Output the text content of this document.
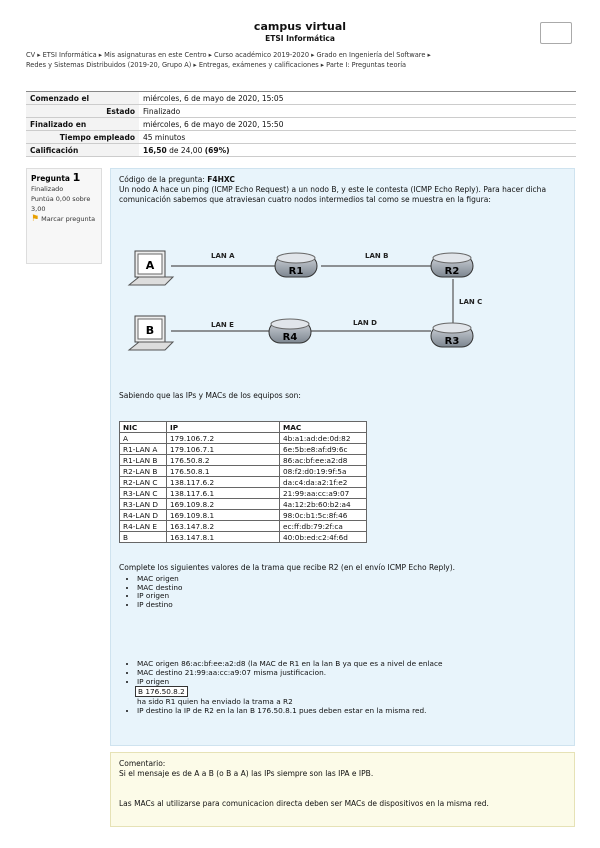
campus virtual
ETSI Informática
CV ▸ ETSI Informática ▸ Mis asignaturas en este Centro ▸ Curso académico 2019-2020 ▸ Grado en Ingeniería del Software ▸
Redes y Sistemas Distribuidos (2019-20, Grupo A) ▸ Entregas, exámenes y calificaciones ▸ Parte I: Preguntas teoría
Comenzado el	miércoles, 6 de mayo de 2020, 15:05
Estado	Finalizado
Finalizado en	miércoles, 6 de mayo de 2020, 15:50
Tiempo empleado	45 minutos
Calificación	16,50 de 24,00 (69%)
Pregunta 1
Finalizado
Puntúa 0,00 sobre 3,00
⚑ Marcar pregunta
Código de la pregunta: F4HXC
Un nodo A hace un ping (ICMP Echo Request) a un nodo B, y este le contesta (ICMP Echo Reply). Para hacer dicha comunicación sabemos que atraviesan cuatro nodos intermedios tal como se muestra en la figura:
A
B
R1	R2
R3
R4
LAN A	LAN B
LAN C
LAN D
LAN E
Sabiendo que las IPs y MACs de los equipos son:
NIC	IP	MAC
A	179.106.7.2	4b:a1:ad:de:0d:82
R1-LAN A	179.106.7.1	6e:5b:e8:af:d9:6c
R1-LAN B	176.50.8.2	86:ac:bf:ee:a2:d8
R2-LAN B	176.50.8.1	08:f2:d0:19:9f:5a
R2-LAN C	138.117.6.2	da:c4:da:a2:1f:e2
R3-LAN C	138.117.6.1	21:99:aa:cc:a9:07
R3-LAN D	169.109.8.2	4a:12:2b:60:b2:a4
R4-LAN D	169.109.8.1	98:0c:b1:5c:8f:46
R4-LAN E	163.147.8.2	ec:ff:db:79:2f:ca
B	163.147.8.1	40:0b:ed:c2:4f:6d
Complete los siguientes valores de la trama que recibe R2 (en el envío ICMP Echo Reply).
• MAC origen
• MAC destino
• IP origen
• IP destino
• MAC origen 86:ac:bf:ee:a2:d8 (la MAC de R1 en la lan B ya que es a nivel de enlace
• MAC destino 21:99:aa:cc:a9:07 misma justificacion.
• IP origen
B 176.50.8.2
ha sido R1 quien ha enviado la trama a R2
• IP destino la IP de R2 en la lan B 176.50.8.1 pues deben estar en la misma red.

Comentario:

Si el mensaje es de A a B (o B a A) las IPs siempre son las IPA e IPB.

Las MACs al utilizarse para comunicacion directa deben ser MACs de dispositivos en la misma red.
